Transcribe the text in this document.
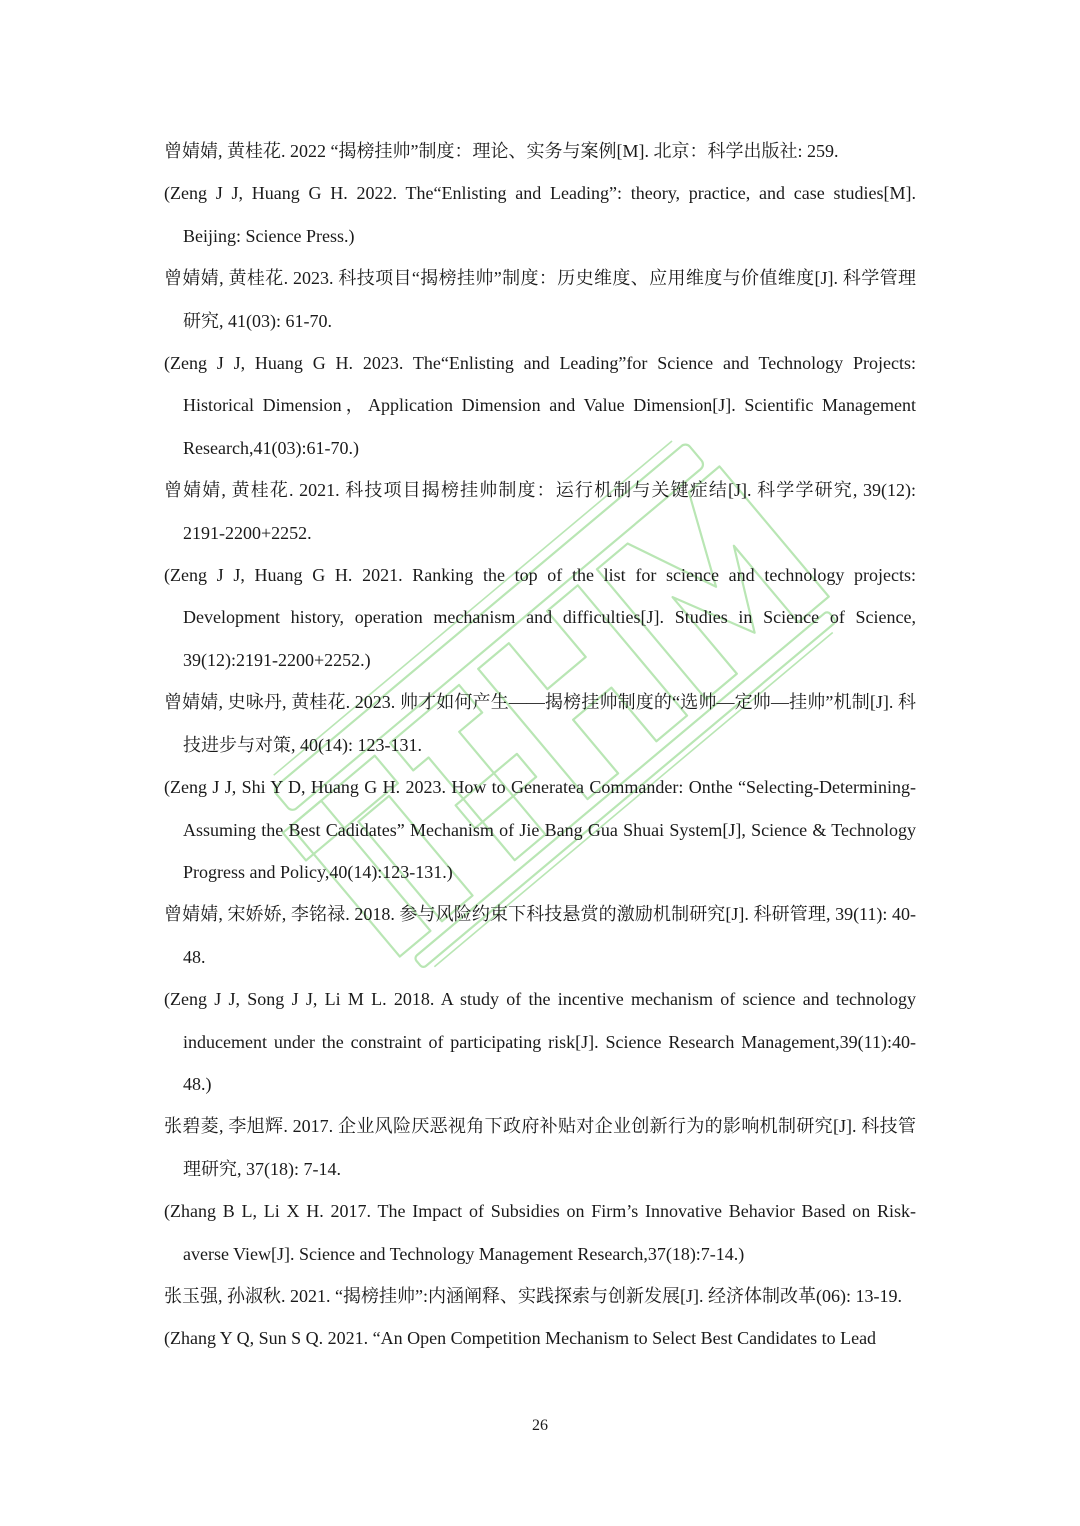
曾婧婧, 黄桂花. 2022 “揭榜挂帅”制度：理论、实务与案例[M]. 北京：科学出版社: 259.
(Zeng J J, Huang G H. 2022. The“Enlisting and Leading”: theory, practice, and case studies[M]. Beijing: Science Press.)
曾婧婧, 黄桂花. 2023. 科技项目“揭榜挂帅”制度：历史维度、应用维度与价值维度[J]. 科学管理研究, 41(03): 61-70.
(Zeng J J, Huang G H. 2023. The“Enlisting and Leading”for Science and Technology Projects: Historical Dimension，Application Dimension and Value Dimension[J]. Scientific Management Research,41(03):61-70.)
曾婧婧, 黄桂花. 2021. 科技项目揭榜挂帅制度：运行机制与关键症结[J]. 科学学研究, 39(12): 2191-2200+2252.
(Zeng J J, Huang G H. 2021. Ranking the top of the list for science and technology projects: Development history, operation mechanism and difficulties[J]. Studies in Science of Science, 39(12):2191-2200+2252.)
曾婧婧, 史咏丹, 黄桂花. 2023. 帅才如何产生——揭榜挂帅制度的“选帅—定帅—挂帅”机制[J]. 科技进步与对策, 40(14): 123-131.
(Zeng J J, Shi Y D, Huang G H. 2023. How to Generatea Commander: Onthe “Selecting-Determining-Assuming the Best Cadidates” Mechanism of Jie Bang Gua Shuai System[J], Science & Technology Progress and Policy,40(14):123-131.)
曾婧婧, 宋娇娇, 李铭禄. 2018. 参与风险约束下科技悬赏的激励机制研究[J]. 科研管理, 39(11): 40-48.
(Zeng J J, Song J J, Li M L. 2018. A study of the incentive mechanism of science and technology inducement under the constraint of participating risk[J]. Science Research Management,39(11):40-48.)
张碧菱, 李旭辉. 2017. 企业风险厌恶视角下政府补贴对企业创新行为的影响机制研究[J]. 科技管理研究, 37(18): 7-14.
(Zhang B L, Li X H. 2017. The Impact of Subsidies on Firm’s Innovative Behavior Based on Risk-averse View[J]. Science and Technology Management Research,37(18):7-14.)
张玉强, 孙淑秋. 2021. “揭榜挂帅”:内涵阐释、实践探索与创新发展[J]. 经济体制改革(06): 13-19.
(Zhang Y Q, Sun S Q. 2021. “An Open Competition Mechanism to Select Best Candidates to Lead
26
